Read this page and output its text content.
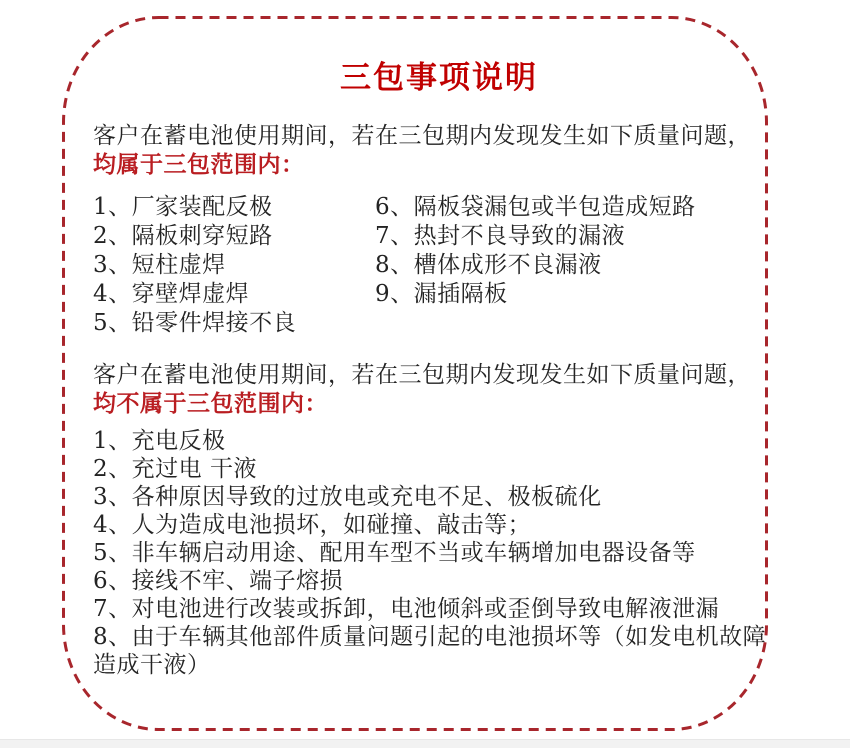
三包事项说明
客户在蓄电池使用期间，若在三包期内发现发生如下质量问题，
均属于三包范围内：
1、厂家装配反极
2、隔板刺穿短路
3、短柱虚焊
4、穿壁焊虚焊
5、铅零件焊接不良
6、隔板袋漏包或半包造成短路
7、热封不良导致的漏液
8、槽体成形不良漏液
9、漏插隔板
客户在蓄电池使用期间，若在三包期内发现发生如下质量问题，
均不属于三包范围内：
1、充电反极
2、充过电 干液
3、各种原因导致的过放电或充电不足、极板硫化
4、人为造成电池损坏，如碰撞、敲击等；
5、非车辆启动用途、配用车型不当或车辆增加电器设备等
6、接线不牢、端子熔损
7、对电池进行改装或拆卸，电池倾斜或歪倒导致电解液泄漏
8、由于车辆其他部件质量问题引起的电池损坏等（如发电机故障
造成干液）
